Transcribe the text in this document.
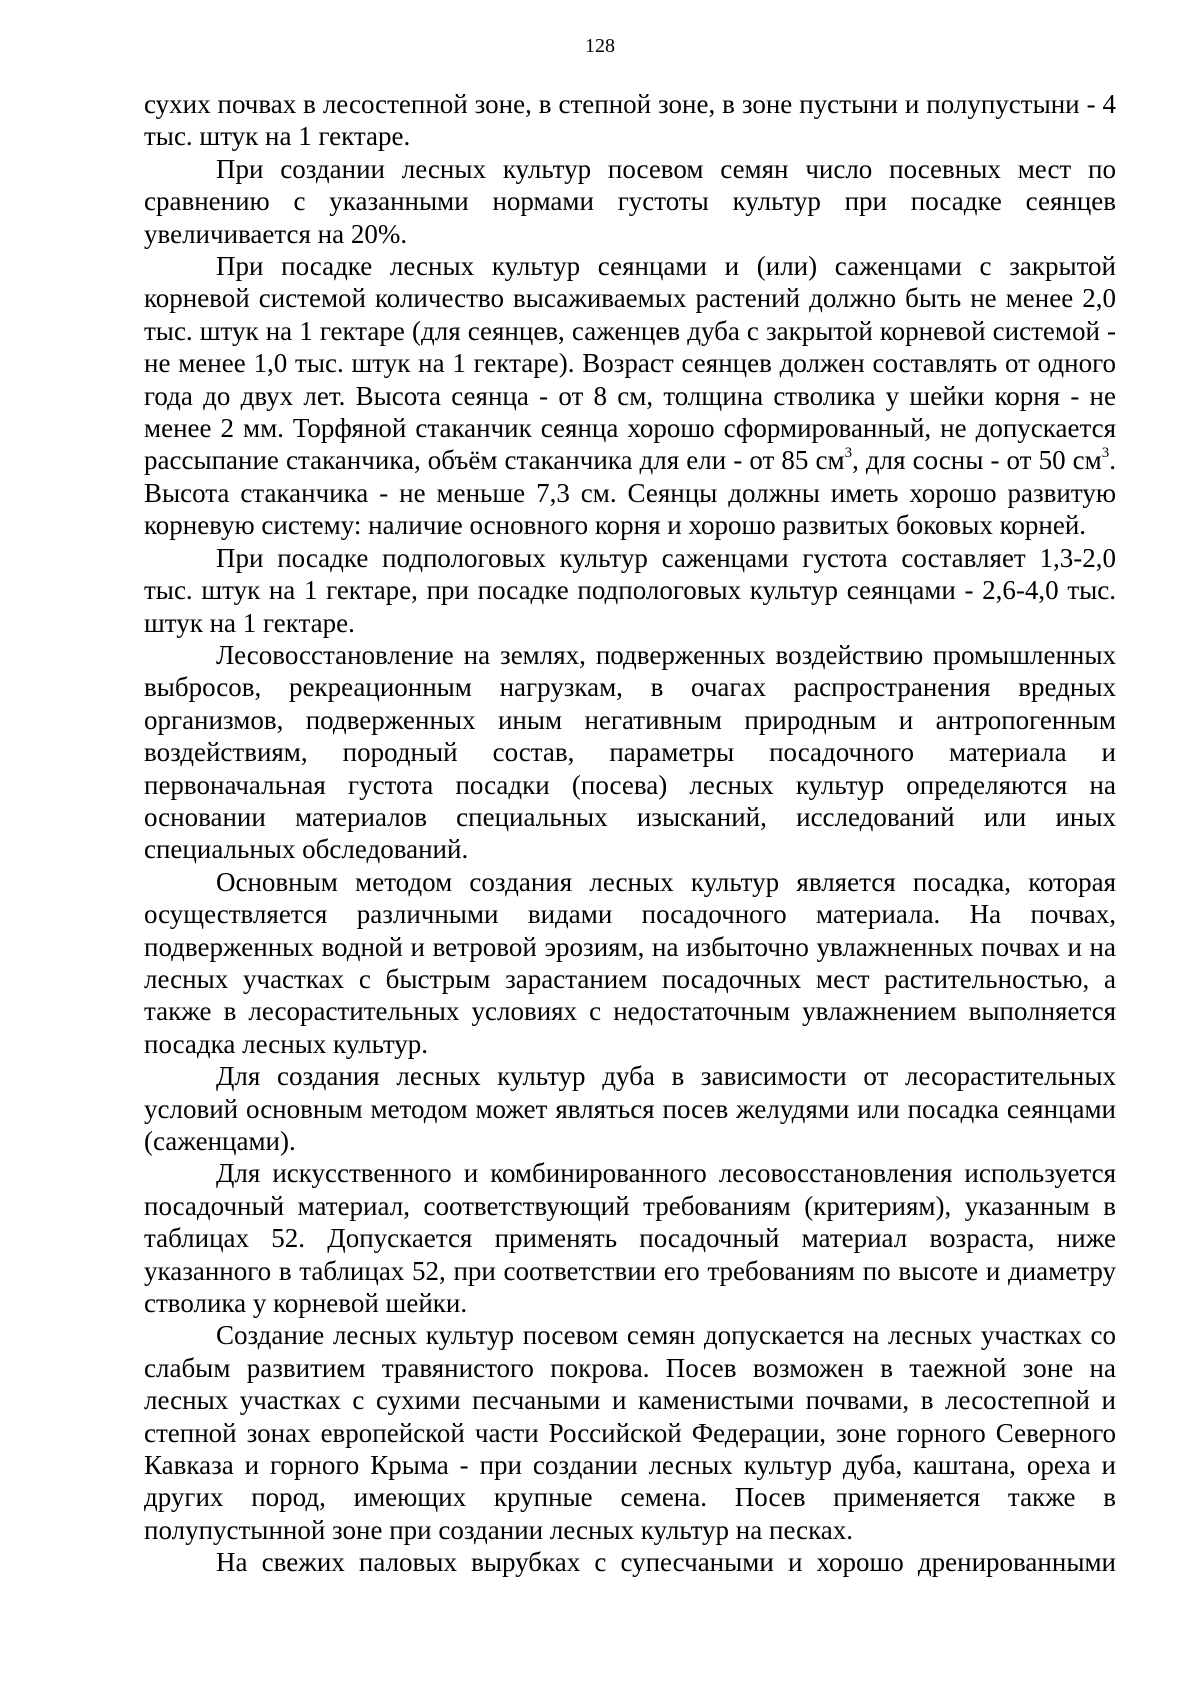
128

сухих почвах в лесостепной зоне, в степной зоне, в зоне пустыни и полупустыни - 4 тыс. штук на 1 гектаре.

При создании лесных культур посевом семян число посевных мест по сравнению с указанными нормами густоты культур при посадке сеянцев увеличивается на 20%.

При посадке лесных культур сеянцами и (или) саженцами с закрытой корневой системой количество высаживаемых растений должно быть не менее 2,0 тыс. штук на 1 гектаре (для сеянцев, саженцев дуба с закрытой корневой системой - не менее 1,0 тыс. штук на 1 гектаре). Возраст сеянцев должен составлять от одного года до двух лет. Высота сеянца - от 8 см, толщина стволика у шейки корня - не менее 2 мм. Торфяной стаканчик сеянца хорошо сформированный, не допускается рассыпание стаканчика, объём стаканчика для ели - от 85 $см^3$, для сосны - от 50 $см^3$. Высота стаканчика - не меньше 7,3 см. Сеянцы должны иметь хорошо развитую корневую систему: наличие основного корня и хорошо развитых боковых корней.

При посадке подпологовых культур саженцами густота составляет 1,3-2,0 тыс. штук на 1 гектаре, при посадке подпологовых культур сеянцами - 2,6-4,0 тыс. штук на 1 гектаре.

Лесовосстановление на землях, подверженных воздействию промышленных выбросов, рекреационным нагрузкам, в очагах распространения вредных организмов, подверженных иным негативным природным и антропогенным воздействиям, породный состав, параметры посадочного материала и первоначальная густота посадки (посева) лесных культур определяются на основании материалов специальных изысканий, исследований или иных специальных обследований.

Основным методом создания лесных культур является посадка, которая осуществляется различными видами посадочного материала. На почвах, подверженных водной и ветровой эрозиям, на избыточно увлажненных почвах и на лесных участках с быстрым зарастанием посадочных мест растительностью, а также в лесорастительных условиях с недостаточным увлажнением выполняется посадка лесных культур.

Для создания лесных культур дуба в зависимости от лесорастительных условий основным методом может являться посев желудями или посадка сеянцами (саженцами).

Для искусственного и комбинированного лесовосстановления используется посадочный материал, соответствующий требованиям (критериям), указанным в таблицах 52. Допускается применять посадочный материал возраста, ниже указанного в таблицах 52, при соответствии его требованиям по высоте и диаметру стволика у корневой шейки.

Создание лесных культур посевом семян допускается на лесных участках со слабым развитием травянистого покрова. Посев возможен в таежной зоне на лесных участках с сухими песчаными и каменистыми почвами, в лесостепной и степной зонах европейской части Российской Федерации, зоне горного Северного Кавказа и горного Крыма - при создании лесных культур дуба, каштана, ореха и других пород, имеющих крупные семена. Посев применяется также в полупустынной зоне при создании лесных культур на песках.

На свежих паловых вырубках с супесчаными и хорошо дренированными
